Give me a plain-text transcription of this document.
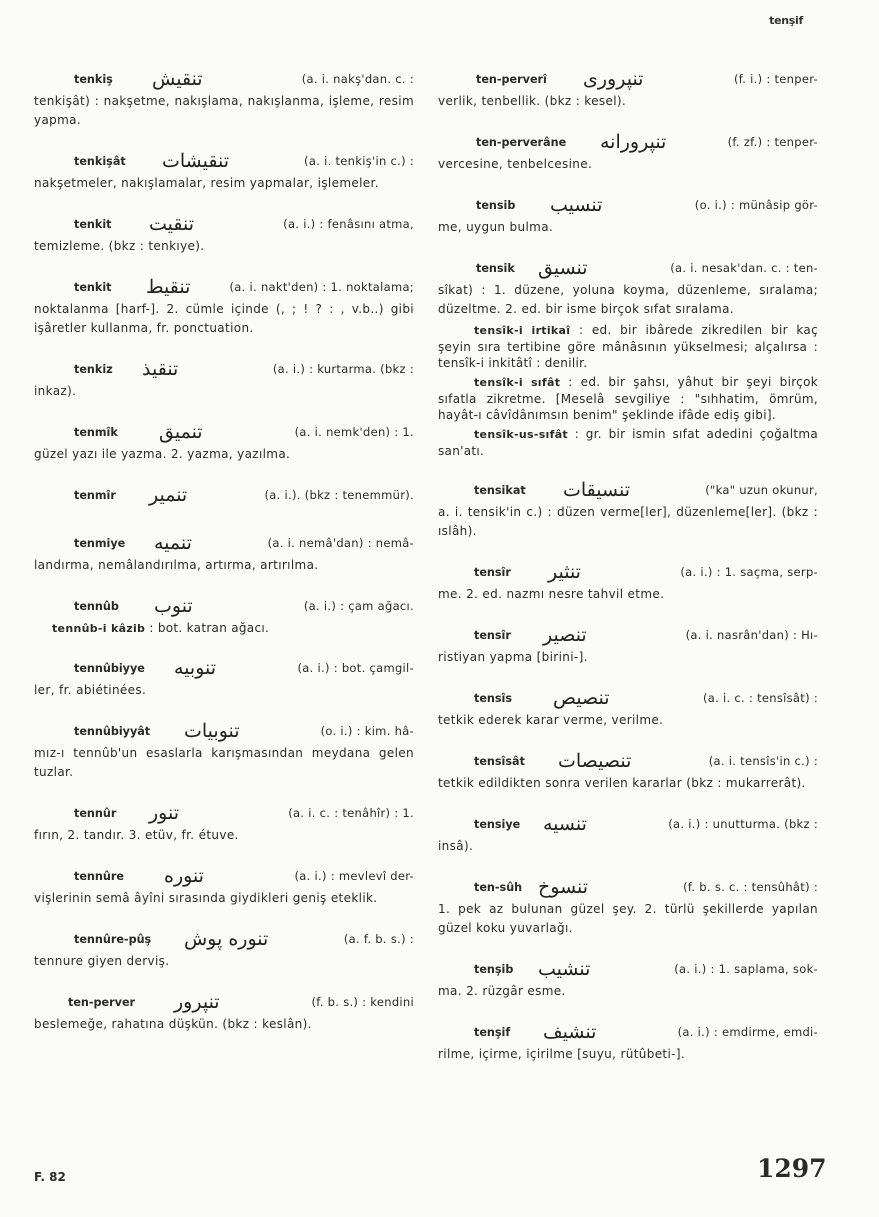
tenşif
tenkiş تنقيش	(a. i. nakş'dan. c. :
tenkişât) : nakşetme, nakışlama, nakışlanma, işleme, resim yapma.
tenkişât تنقيشات	(a. i. tenkiş'in c.) :
nakşetmeler, nakışlamalar, resim yapmalar, işlemeler.
tenkit تنقيت	(a. i.) : fenâsını atma,
temizleme. (bkz : tenkıye).
tenkit تنقيط	(a. i. nakt'den) : 1. noktalama;
noktalanma [harf-]. 2. cümle içinde (, ; ! ? : , v.b..) gibi işâretler kullanma, fr. ponctuation.
tenkiz تنقيذ	(a. i.) : kurtarma. (bkz :
inkaz).
tenmîk تنميق	(a. i. nemk'den) : 1.
güzel yazı ile yazma. 2. yazma, yazılma.
tenmîr تنمير	(a. i.). (bkz : tenemmür).
tenmiye تنميه	(a. i. nemâ'dan) : nemâ-
landırma, nemâlandırılma, artırma, artırılma.
tennûb تنوب	(a. i.) : çam ağacı.
tennûb-i kâzib : bot. katran ağacı.
tennûbiyye تنوبيه	(a. i.) : bot. çamgil-
ler, fr. abiétinées.
tennûbiyyât تنوبيات	(o. i.) : kim. hâ-
mız-ı tennûb'un esaslarla karışmasından meydana gelen tuzlar.
tennûr تنور	(a. i. c. : tenâhîr) : 1.
fırın, 2. tandır. 3. etüv, fr. étuve.
tennûre تنوره	(a. i.) : mevlevî der-
vişlerinin semâ âyîni sırasında giydikleri geniş eteklik.
tennûre-pûş تنوره پوش	(a. f. b. s.) :
tennure giyen derviş.
ten-perver تنپرور	(f. b. s.) : kendini
beslemeğe, rahatına düşkün. (bkz : keslân).
ten-perverî تنپروری	(f. i.) : tenper-
verlik, tenbellik. (bkz : kesel).
ten-perverâne تنپرورانه	(f. zf.) : tenper-
vercesine, tenbelcesine.
tensib تنسيب	(o. i.) : münâsip gör-
me, uygun bulma.
tensik تنسيق	(a. i. nesak'dan. c. : ten-
sîkat) : 1. düzene, yoluna koyma, düzenleme, sıralama; düzeltme. 2. ed. bir isme birçok sıfat sıralama.
tensîk-i irtikaî : ed. bir ibârede zikredilen bir kaç şeyin sıra tertibine göre mânâsının yükselmesi; alçalırsa : tensîk-i inkitâtî : denilir.
tensîk-i sıfât : ed. bir şahsı, yâhut bir şeyi birçok sıfatla zikretme. [Meselâ sevgiliye : "sıhhatim, ömrüm, hayât-ı câvîdânımsın benim" şeklinde ifâde ediş gibi].
tensîk-us-sıfât : gr. bir ismin sıfat adedini çoğaltma san'atı.
tensikat تنسيقات	("ka" uzun okunur,
a. i. tensik'in c.) : düzen verme[ler], düzenleme[ler]. (bkz : ıslâh).
tensîr تنثير	(a. i.) : 1. saçma, serp-
me. 2. ed. nazmı nesre tahvil etme.
tensîr تنصير	(a. i. nasrân'dan) : Hı-
ristiyan yapma [birini-].
tensîs تنصيص	(a. i. c. : tensîsât) :
tetkik ederek karar verme, verilme.
tensîsât تنصيصات	(a. i. tensîs'in c.) :
tetkik edildikten sonra verilen kararlar (bkz : mukarrerât).
tensiye تنسيه	(a. i.) : unutturma. (bkz :
insâ).
ten-sûh تنسوخ	(f. b. s. c. : tensûhât) :
1. pek az bulunan güzel şey. 2. türlü şekillerde yapılan güzel koku yuvarlağı.
tenşib تنشيب	(a. i.) : 1. saplama, sok-
ma. 2. rüzgâr esme.
tenşif تنشيف	(a. i.) : emdirme, emdi-
rilme, içirme, içirilme [suyu, rütûbeti-].
F. 82	1297
